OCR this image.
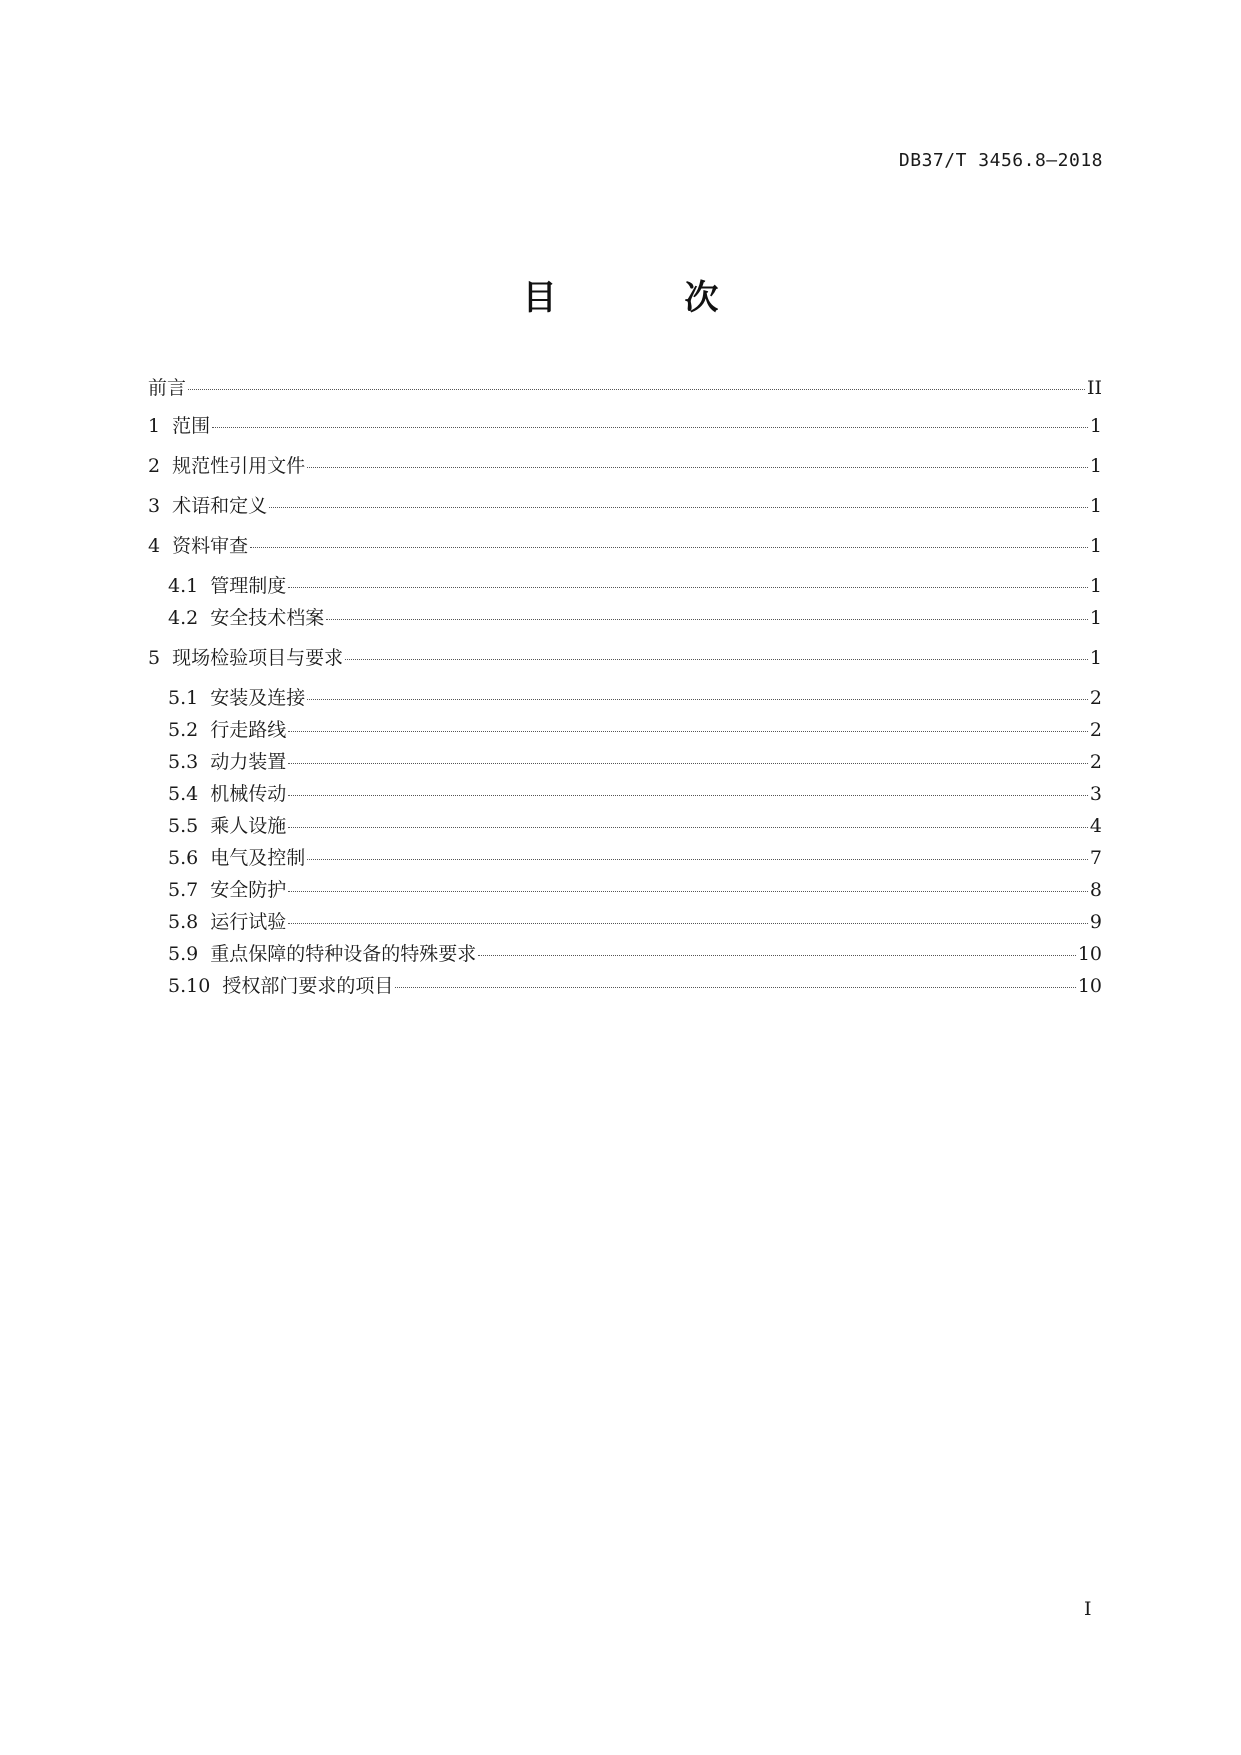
DB37/T 3456.8—2018
目 次
前言	II
1  范围	1
2  规范性引用文件	1
3  术语和定义	1
4  资料审查	1
4.1  管理制度	1
4.2  安全技术档案	1
5  现场检验项目与要求	1
5.1  安装及连接	2
5.2  行走路线	2
5.3  动力装置	2
5.4  机械传动	3
5.5  乘人设施	4
5.6  电气及控制	7
5.7  安全防护	8
5.8  运行试验	9
5.9  重点保障的特种设备的特殊要求	10
5.10  授权部门要求的项目	10
I
